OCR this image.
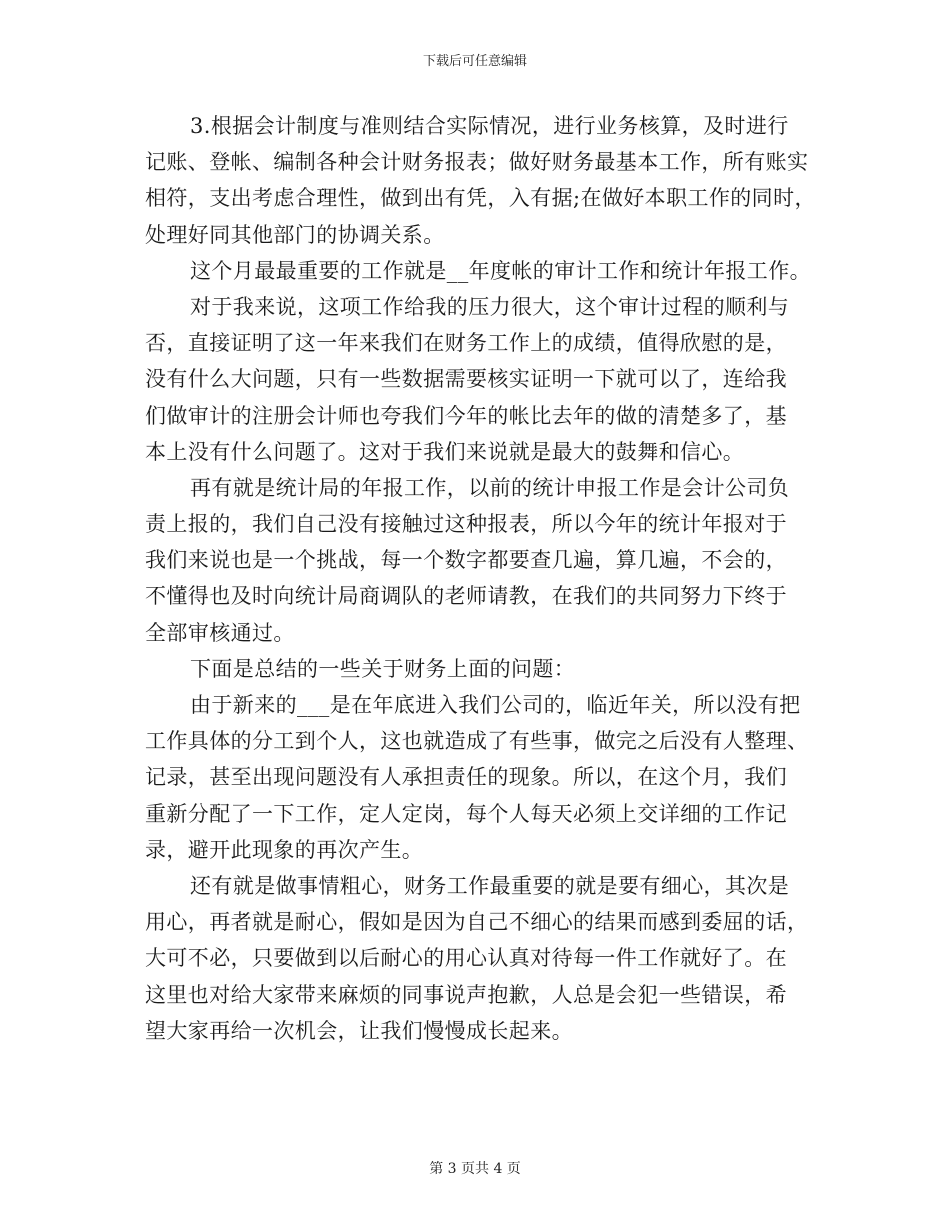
下载后可任意编辑
3.根据会计制度与准则结合实际情况，进行业务核算，及时进行
记账、登帐、编制各种会计财务报表；做好财务最基本工作，所有账实
相符，支出考虑合理性，做到出有凭，入有据;在做好本职工作的同时，
处理好同其他部门的协调关系。
这个月最最重要的工作就是__年度帐的审计工作和统计年报工作。
对于我来说，这项工作给我的压力很大，这个审计过程的顺利与
否，直接证明了这一年来我们在财务工作上的成绩，值得欣慰的是，
没有什么大问题，只有一些数据需要核实证明一下就可以了，连给我
们做审计的注册会计师也夸我们今年的帐比去年的做的清楚多了，基
本上没有什么问题了。这对于我们来说就是最大的鼓舞和信心。
再有就是统计局的年报工作，以前的统计申报工作是会计公司负
责上报的，我们自己没有接触过这种报表，所以今年的统计年报对于
我们来说也是一个挑战，每一个数字都要查几遍，算几遍，不会的，
不懂得也及时向统计局商调队的老师请教，在我们的共同努力下终于
全部审核通过。
下面是总结的一些关于财务上面的问题：
由于新来的___是在年底进入我们公司的，临近年关，所以没有把
工作具体的分工到个人，这也就造成了有些事，做完之后没有人整理、
记录，甚至出现问题没有人承担责任的现象。所以，在这个月，我们
重新分配了一下工作，定人定岗，每个人每天必须上交详细的工作记
录，避开此现象的再次产生。
还有就是做事情粗心，财务工作最重要的就是要有细心，其次是
用心，再者就是耐心，假如是因为自己不细心的结果而感到委屈的话，
大可不必，只要做到以后耐心的用心认真对待每一件工作就好了。在
这里也对给大家带来麻烦的同事说声抱歉，人总是会犯一些错误，希
望大家再给一次机会，让我们慢慢成长起来。
第 3 页共 4 页
